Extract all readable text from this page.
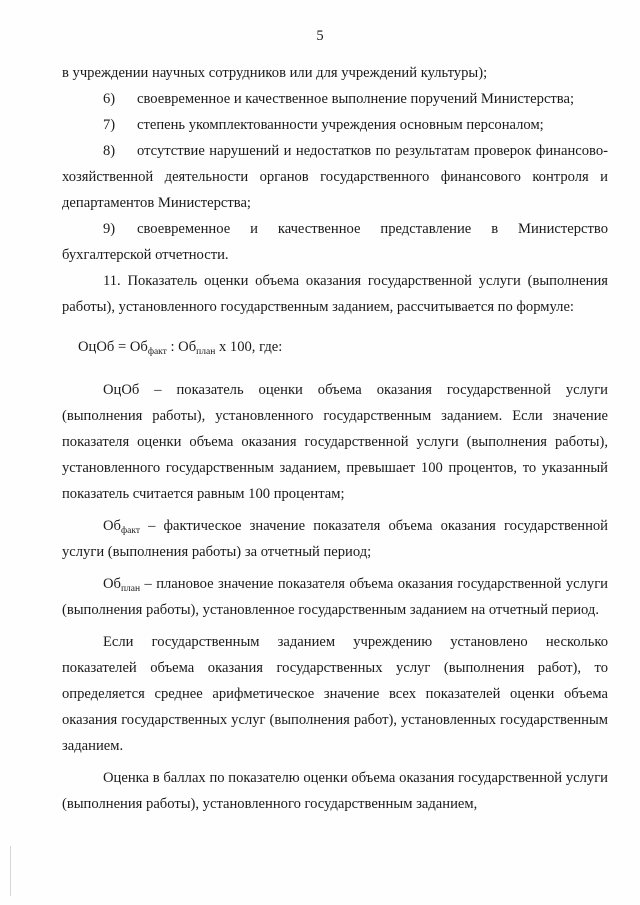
5

в учреждении научных сотрудников или для учреждений культуры);

6) своевременное и качественное выполнение поручений Министерства;

7) степень укомплектованности учреждения основным персоналом;

8) отсутствие нарушений и недостатков по результатам проверок финансово-хозяйственной деятельности органов государственного финансового контроля и департаментов Министерства;

9) своевременное и качественное представление в Министерство бухгалтерской отчетности.

11. Показатель оценки объема оказания государственной услуги (выполнения работы), установленного государственным заданием, рассчитывается по формуле:

ОцОб = $Об_{факт}$ : $Об_{план}$ x 100, где:

ОцОб – показатель оценки объема оказания государственной услуги (выполнения работы), установленного государственным заданием. Если значение показателя оценки объема оказания государственной услуги (выполнения работы), установленного государственным заданием, превышает 100 процентов, то указанный показатель считается равным 100 процентам;

$Об_{факт}$ – фактическое значение показателя объема оказания государственной услуги (выполнения работы) за отчетный период;

$Об_{план}$ – плановое значение показателя объема оказания государственной услуги (выполнения работы), установленное государственным заданием на отчетный период.

Если государственным заданием учреждению установлено несколько показателей объема оказания государственных услуг (выполнения работ), то определяется среднее арифметическое значение всех показателей оценки объема оказания государственных услуг (выполнения работ), установленных государственным заданием.

Оценка в баллах по показателю оценки объема оказания государственной услуги (выполнения работы), установленного государственным заданием,
